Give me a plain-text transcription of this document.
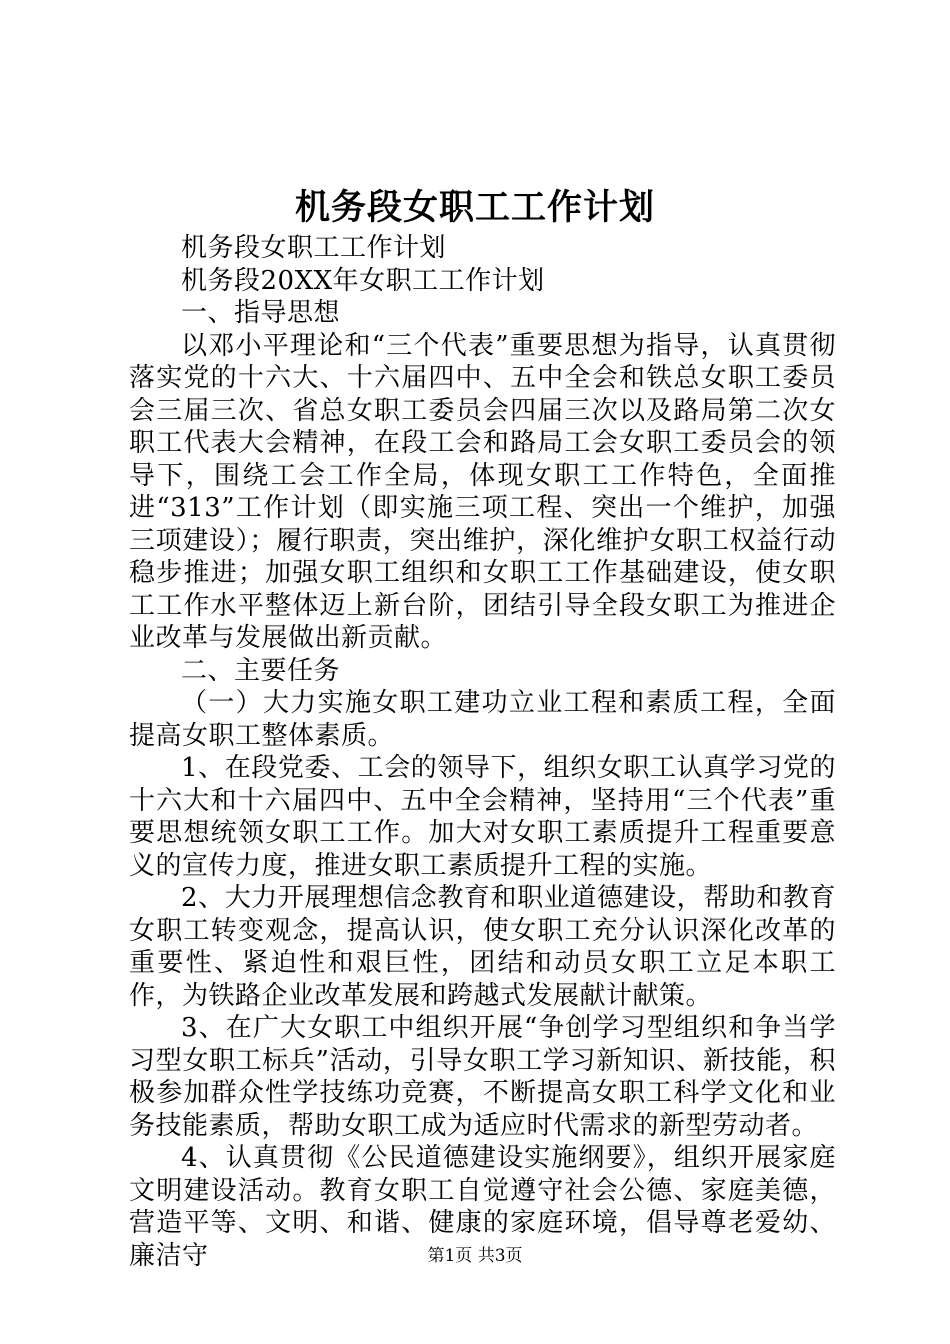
机务段女职工工作计划

机务段女职工工作计划

机务段20XX年女职工工作计划

一、指导思想

以邓小平理论和“三个代表”重要思想为指导，认真贯彻落实党的十六大、十六届四中、五中全会和铁总女职工委员会三届三次、省总女职工委员会四届三次以及路局第二次女职工代表大会精神，在段工会和路局工会女职工委员会的领导下，围绕工会工作全局，体现女职工工作特色，全面推进“313”工作计划（即实施三项工程、突出一个维护，加强三项建设）；履行职责，突出维护，深化维护女职工权益行动稳步推进；加强女职工组织和女职工工作基础建设，使女职工工作水平整体迈上新台阶，团结引导全段女职工为推进企业改革与发展做出新贡献。

二、主要任务

（一）大力实施女职工建功立业工程和素质工程，全面提高女职工整体素质。

1、在段党委、工会的领导下，组织女职工认真学习党的十六大和十六届四中、五中全会精神，坚持用“三个代表”重要思想统领女职工工作。加大对女职工素质提升工程重要意义的宣传力度，推进女职工素质提升工程的实施。

2、大力开展理想信念教育和职业道德建设，帮助和教育女职工转变观念，提高认识，使女职工充分认识深化改革的重要性、紧迫性和艰巨性，团结和动员女职工立足本职工作，为铁路企业改革发展和跨越式发展献计献策。

3、在广大女职工中组织开展“争创学习型组织和争当学习型女职工标兵”活动，引导女职工学习新知识、新技能，积极参加群众性学技练功竞赛，不断提高女职工科学文化和业务技能素质，帮助女职工成为适应时代需求的新型劳动者。

4、认真贯彻《公民道德建设实施纲要》，组织开展家庭文明建设活动。教育女职工自觉遵守社会公德、家庭美德，营造平等、文明、和谐、健康的家庭环境，倡导尊老爱幼、廉洁守	第1页 共3页
